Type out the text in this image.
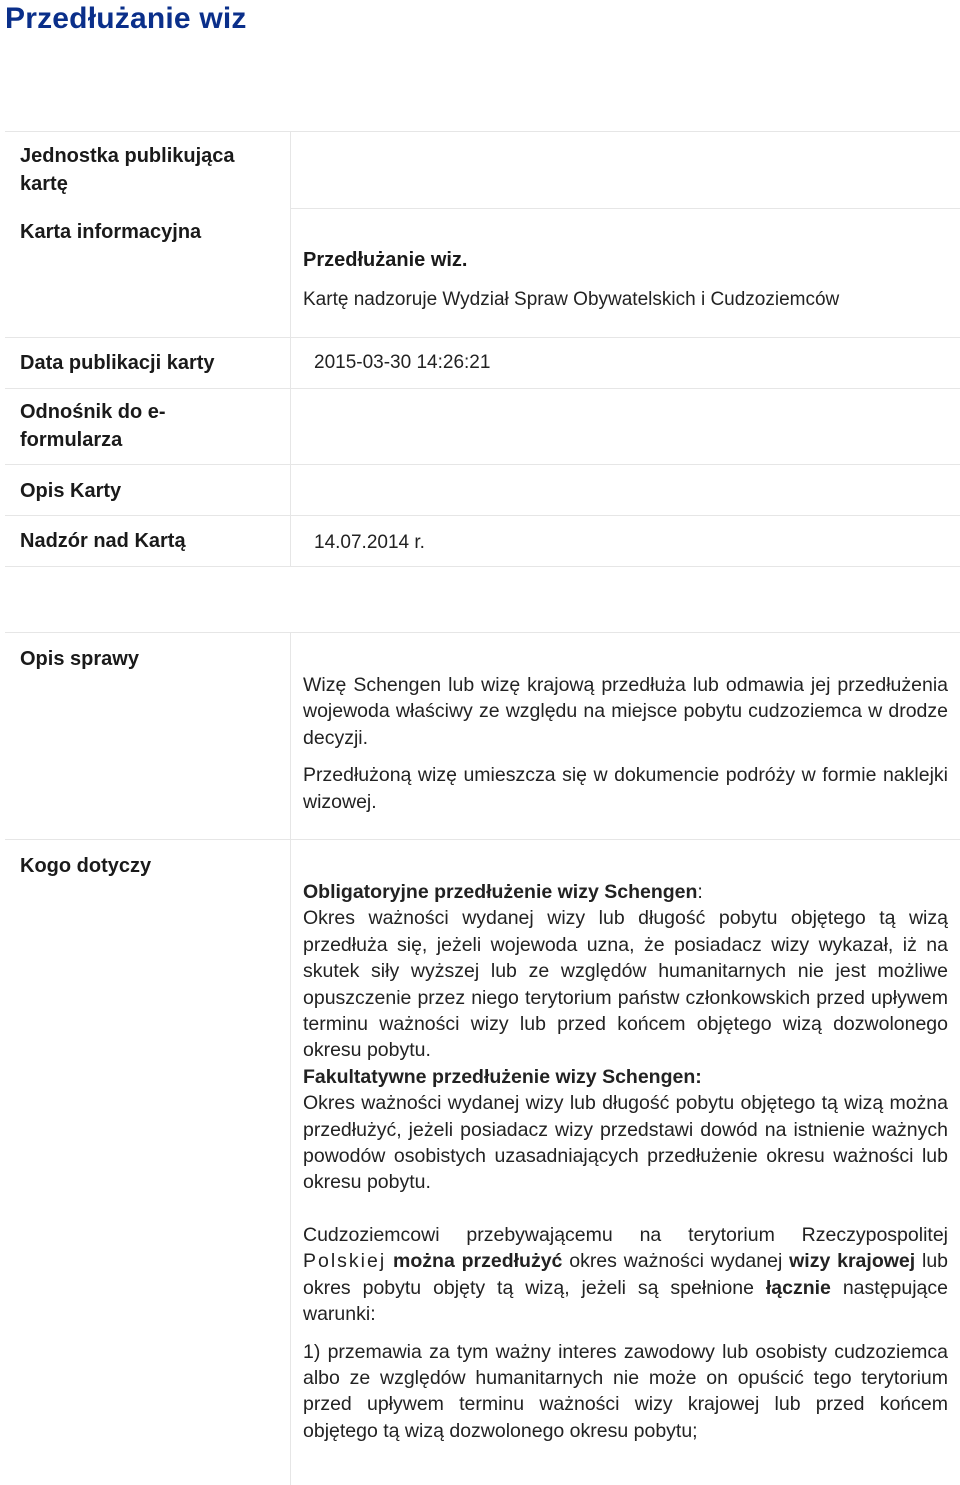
Przedłużanie wiz
Jednostka publikująca kartę
Karta informacyjna
Przedłużanie wiz.
Kartę nadzoruje Wydział Spraw Obywatelskich i Cudzoziemców
Data publikacji karty	2015-03-30 14:26:21
Odnośnik do e-formularza
Opis Karty
Nadzór nad Kartą	14.07.2014 r.
Opis sprawy

Wizę Schengen lub wizę krajową przedłuża lub odmawia jej przedłużenia wojewoda właściwy ze względu na miejsce pobytu cudzoziemca w drodze decyzji.

Przedłużoną wizę umieszcza się w dokumencie podróży w formie naklejki wizowej.

Kogo dotyczy

Obligatoryjne przedłużenie wizy Schengen:

Okres ważności wydanej wizy lub długość pobytu objętego tą wizą przedłuża się, jeżeli wojewoda uzna, że posiadacz wizy wykazał, iż na skutek siły wyższej lub ze względów humanitarnych nie jest możliwe opuszczenie przez niego terytorium państw członkowskich przed upływem terminu ważności wizy lub przed końcem objętego wizą dozwolonego okresu pobytu.

Fakultatywne przedłużenie wizy Schengen:

Okres ważności wydanej wizy lub długość pobytu objętego tą wizą można przedłużyć, jeżeli posiadacz wizy przedstawi dowód na istnienie ważnych powodów osobistych uzasadniających przedłużenie okresu ważności lub okresu pobytu.

Cudzoziemcowi przebywającemu na terytorium Rzeczypospolitej Polskiej można przedłużyć okres ważności wydanej wizy krajowej lub okres pobytu objęty tą wizą, jeżeli są spełnione łącznie następujące warunki:

1) przemawia za tym ważny interes zawodowy lub osobisty cudzoziemca albo ze względów humanitarnych nie może on opuścić tego terytorium przed upływem terminu ważności wizy krajowej lub przed końcem objętego tą wizą dozwolonego okresu pobytu;
